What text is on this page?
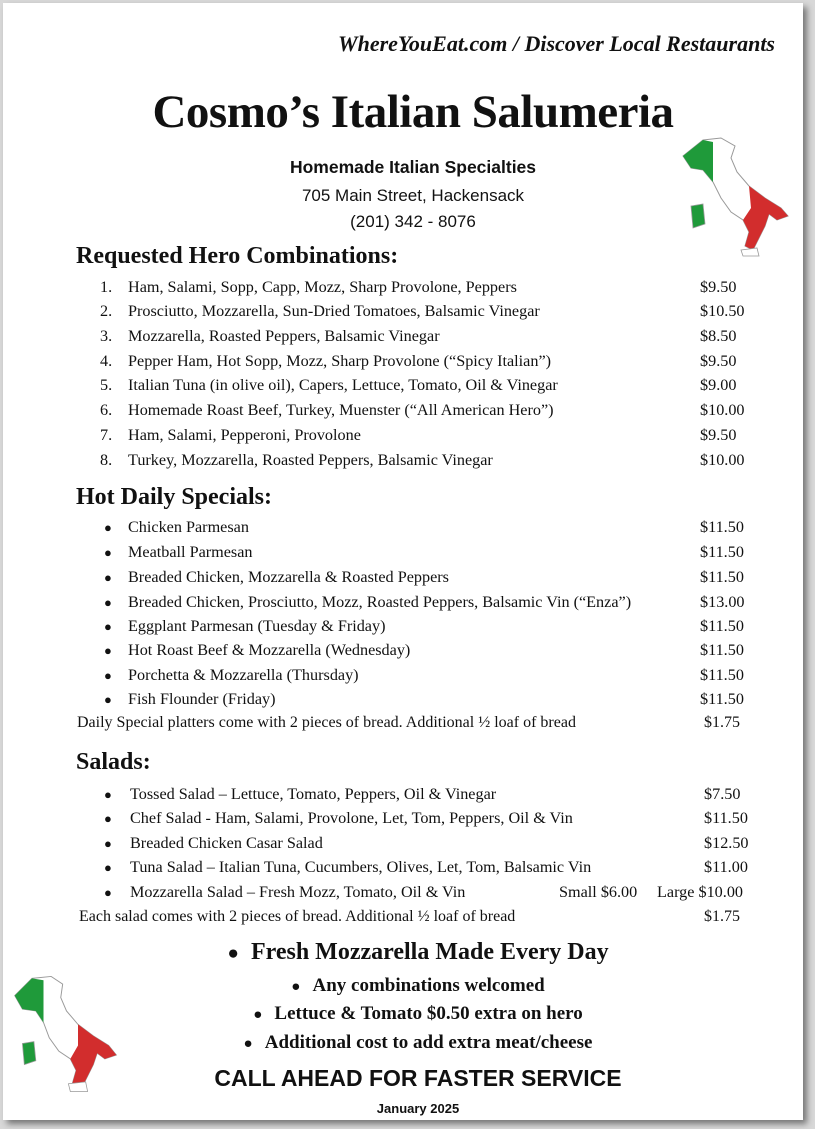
WhereYouEat.com / Discover Local Restaurants
Cosmo’s Italian Salumeria
Homemade Italian Specialties
705 Main Street, Hackensack
(201) 342 - 8076
Requested Hero Combinations:
1. Ham, Salami, Sopp, Capp, Mozz, Sharp Provolone, Peppers	$9.50
2. Prosciutto, Mozzarella, Sun-Dried Tomatoes, Balsamic Vinegar	$10.50
3. Mozzarella, Roasted Peppers, Balsamic Vinegar	$8.50
4. Pepper Ham, Hot Sopp, Mozz, Sharp Provolone (“Spicy Italian”)	$9.50
5. Italian Tuna (in olive oil), Capers, Lettuce, Tomato, Oil & Vinegar	$9.00
6. Homemade Roast Beef, Turkey, Muenster (“All American Hero”)	$10.00
7. Ham, Salami, Pepperoni, Provolone	$9.50
8. Turkey, Mozzarella, Roasted Peppers, Balsamic Vinegar	$10.00
Hot Daily Specials:
● Chicken Parmesan	$11.50
● Meatball Parmesan	$11.50
● Breaded Chicken, Mozzarella & Roasted Peppers	$11.50
● Breaded Chicken, Prosciutto, Mozz, Roasted Peppers, Balsamic Vin (“Enza”)	$13.00
● Eggplant Parmesan (Tuesday & Friday)	$11.50
● Hot Roast Beef & Mozzarella (Wednesday)	$11.50
● Porchetta & Mozzarella (Thursday)	$11.50
● Fish Flounder (Friday)	$11.50
Daily Special platters come with 2 pieces of bread. Additional ½ loaf of bread	$1.75
Salads:
● Tossed Salad – Lettuce, Tomato, Peppers, Oil & Vinegar	$7.50
● Chef Salad - Ham, Salami, Provolone, Let, Tom, Peppers, Oil & Vin	$11.50
● Breaded Chicken Casar Salad	$12.50
● Tuna Salad – Italian Tuna, Cucumbers, Olives, Let, Tom, Balsamic Vin	$11.00
● Mozzarella Salad – Fresh Mozz, Tomato, Oil & Vin	Small $6.00 Large $10.00
Each salad comes with 2 pieces of bread. Additional ½ loaf of bread	$1.75
● Fresh Mozzarella Made Every Day
● Any combinations welcomed
● Lettuce & Tomato $0.50 extra on hero
● Additional cost to add extra meat/cheese
CALL AHEAD FOR FASTER SERVICE
January 2025
